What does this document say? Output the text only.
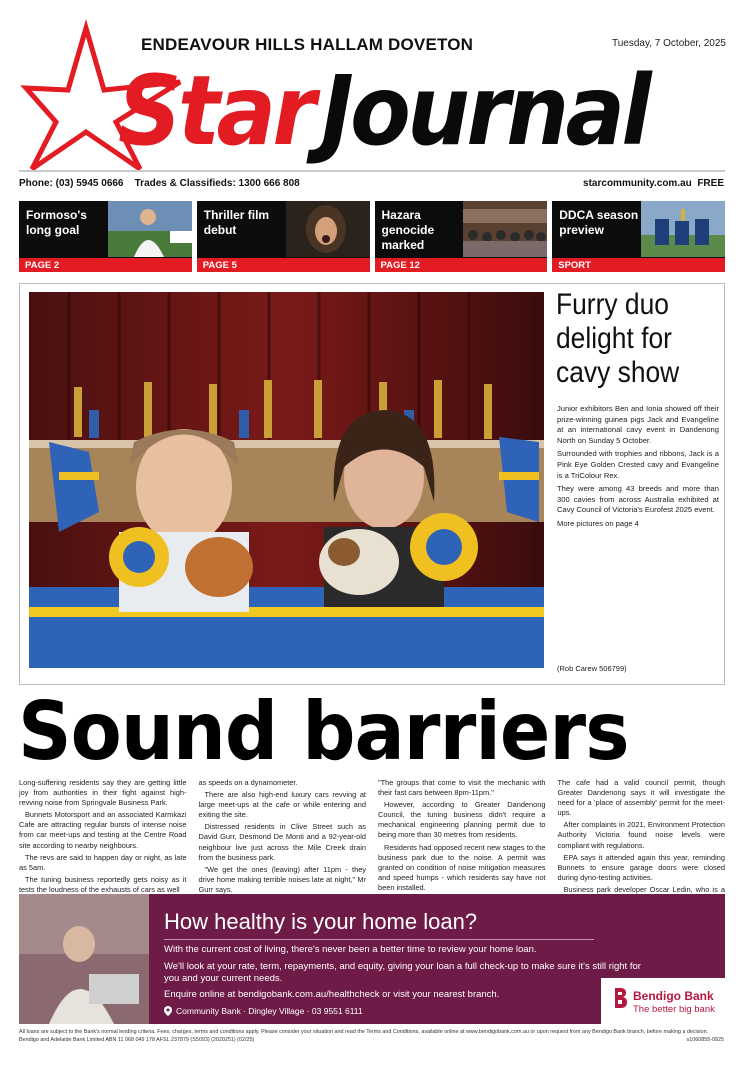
ENDEAVOUR HILLS HALLAM DOVETON	Tuesday, 7 October, 2025
StarJournal
Phone: (03) 5945 0666 Trades & Classifieds: 1300 666 808	starcommunity.com.au FREE
Formoso's long goal
PAGE 2
Thriller film debut
PAGE 5
Hazara genocide marked
PAGE 12
DDCA season preview
SPORT
Furry duo delight for cavy show

Junior exhibitors Ben and Ionia showed off their prize-winning guinea pigs Jack and Evangeline at an international cavy event in Dandenong North on Sunday 5 October.

Surrounded with trophies and ribbons, Jack is a Pink Eye Golden Crested cavy and Evangeline is a TriColour Rex.

They were among 43 breeds and more than 300 cavies from across Australia exhibited at Cavy Council of Victoria's Eurofest 2025 event.

More pictures on page 4

(Rob Carew 506799)
Sound barriers

Long-suffering residents say they are getting little joy from authorities in their fight against high-revving noise from Springvale Business Park.

Bunnets Motorsport and an associated Karmkazi Cafe are attracting regular bursts of intense noise from car meet-ups and testing at the Centre Road site according to nearby neighbours.

The revs are said to happen day or night, as late as 5am.

The tuning business reportedly gets noisy as it tests the loudness of the exhausts of cars as well

as speeds on a dynamometer.

There are also high-end luxury cars revving at large meet-ups at the cafe or while entering and exiting the site.

Distressed residents in Clive Street such as David Gurr, Desmond De Monti and a 92-year-old neighbour live just across the Mile Creek drain from the business park.

"We get the ones (leaving) after 11pm - they drive home making terrible noises late at night," Mr Gurr says.

"The groups that come to visit the mechanic with their fast cars between 8pm-11pm."

However, according to Greater Dandenong Council, the tuning business didn't require a mechanical engineering planning permit due to being more than 30 metres from residents.

Residents had opposed recent new stages to the business park due to the noise. A permit was granted on condition of noise mitigation measures and speed humps - which residents say have not been installed.

The cafe had a valid council permit, though Greater Dandenong says it will investigate the need for a 'place of assembly' permit for the meet-ups.

After complaints in 2021, Environment Protection Authority Victoria found noise levels were compliant with regulations.

EPA says it attended again this year, reminding Bunnets to ensure garage doors were closed during dyno-testing activities.

Business park developer Oscar Ledin, who is a

How healthy is your home loan?
With the current cost of living, there's never been a better time to review your home loan.
We'll look at your rate, term, repayments, and equity, giving your loan a full check-up to make sure it's still right for you and your current needs.
Enquire online at bendigobank.com.au/healthcheck or visit your nearest branch.
Community Bank · Dingley Village · 03 9551 6111
Bendigo Bank
The better big bank
All loans are subject to the Bank's normal lending criteria. Fees, charges, terms and conditions apply. Please consider your situation and read the Terms and Conditions, available online at www.bendigobank.com.au or upon request from any Bendigo Bank branch, before making a decision. Bendigo and Adelaide Bank Limited ABN 11 068 049 178 AFSL 237879 (S5093) (2020251) (02/25)	s1060855-0925
